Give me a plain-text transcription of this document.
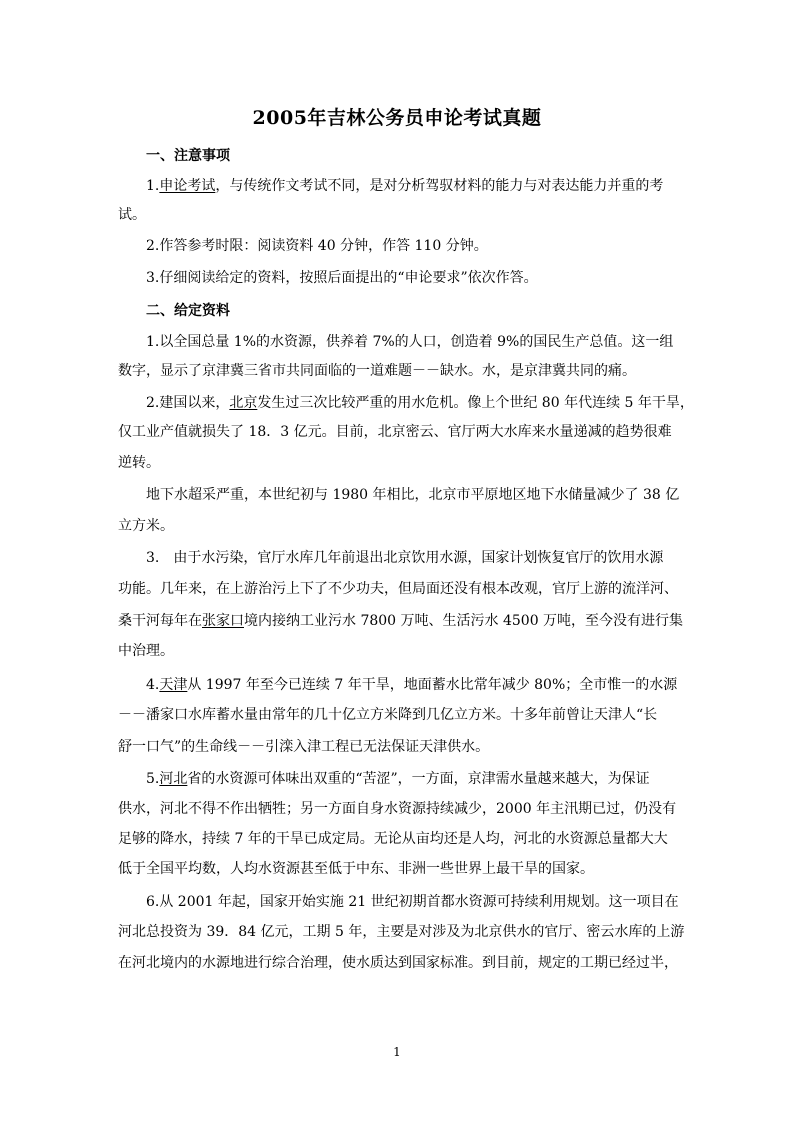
2005年吉林公务员申论考试真题
一、注意事项
1.申论考试，与传统作文考试不同，是对分析驾驭材料的能力与对表达能力并重的考
试。
2.作答参考时限：阅读资料 40 分钟，作答 110 分钟。
3.仔细阅读给定的资料，按照后面提出的“申论要求”依次作答。
二、给定资料
1.以全国总量 1%的水资源，供养着 7%的人口，创造着 9%的国民生产总值。这一组
数字，显示了京津冀三省市共同面临的一道难题－－缺水。水，是京津冀共同的痛。
2.建国以来，北京发生过三次比较严重的用水危机。像上个世纪 80 年代连续 5 年干旱，
仅工业产值就损失了 18．3 亿元。目前，北京密云、官厅两大水库来水量递减的趋势很难
逆转。
地下水超采严重，本世纪初与 1980 年相比，北京市平原地区地下水储量减少了 38 亿
立方米。
3.　由于水污染，官厅水库几年前退出北京饮用水源，国家计划恢复官厅的饮用水源
功能。几年来，在上游治污上下了不少功夫，但局面还没有根本改观，官厅上游的流洋河、
桑干河每年在张家口境内接纳工业污水 7800 万吨、生活污水 4500 万吨，至今没有进行集
中治理。
4.天津从 1997 年至今已连续 7 年干旱，地面蓄水比常年减少 80%；全市惟一的水源
－－潘家口水库蓄水量由常年的几十亿立方米降到几亿立方米。十多年前曾让天津人“长
舒一口气”的生命线－－引滦入津工程已无法保证天津供水。
5.河北省的水资源可体味出双重的“苦涩”，一方面，京津需水量越来越大，为保证
供水，河北不得不作出牺牲；另一方面自身水资源持续减少，2000 年主汛期已过，仍没有
足够的降水，持续 7 年的干旱已成定局。无论从亩均还是人均，河北的水资源总量都大大
低于全国平均数，人均水资源甚至低于中东、非洲一些世界上最干旱的国家。
6.从 2001 年起，国家开始实施 21 世纪初期首都水资源可持续利用规划。这一项目在
河北总投资为 39．84 亿元，工期 5 年，主要是对涉及为北京供水的官厅、密云水库的上游
在河北境内的水源地进行综合治理，使水质达到国家标准。到目前，规定的工期已经过半，
1
